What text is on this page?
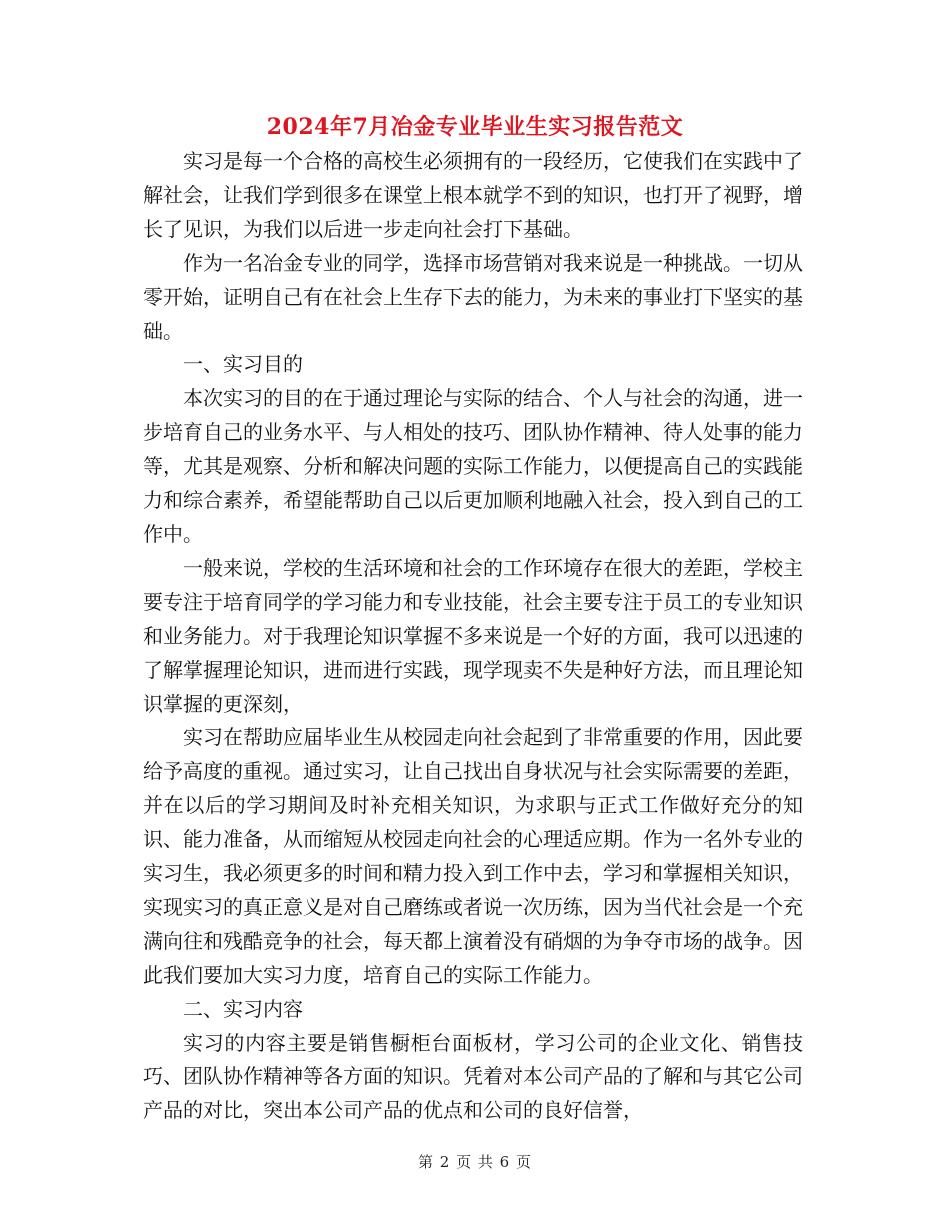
2024年7月冶金专业毕业生实习报告范文

实习是每一个合格的高校生必须拥有的一段经历，它使我们在实践中了解社会，让我们学到很多在课堂上根本就学不到的知识，也打开了视野，增长了见识，为我们以后进一步走向社会打下基础。

作为一名冶金专业的同学，选择市场营销对我来说是一种挑战。一切从零开始，证明自己有在社会上生存下去的能力，为未来的事业打下坚实的基础。

一、实习目的

本次实习的目的在于通过理论与实际的结合、个人与社会的沟通，进一步培育自己的业务水平、与人相处的技巧、团队协作精神、待人处事的能力等，尤其是观察、分析和解决问题的实际工作能力，以便提高自己的实践能力和综合素养，希望能帮助自己以后更加顺利地融入社会，投入到自己的工作中。

一般来说，学校的生活环境和社会的工作环境存在很大的差距，学校主要专注于培育同学的学习能力和专业技能，社会主要专注于员工的专业知识和业务能力。对于我理论知识掌握不多来说是一个好的方面，我可以迅速的了解掌握理论知识，进而进行实践，现学现卖不失是种好方法，而且理论知识掌握的更深刻，

实习在帮助应届毕业生从校园走向社会起到了非常重要的作用，因此要给予高度的重视。通过实习，让自己找出自身状况与社会实际需要的差距，并在以后的学习期间及时补充相关知识，为求职与正式工作做好充分的知识、能力准备，从而缩短从校园走向社会的心理适应期。作为一名外专业的实习生，我必须更多的时间和精力投入到工作中去，学习和掌握相关知识，实现实习的真正意义是对自己磨练或者说一次历练，因为当代社会是一个充满向往和残酷竞争的社会，每天都上演着没有硝烟的为争夺市场的战争。因此我们要加大实习力度，培育自己的实际工作能力。

二、实习内容

实习的内容主要是销售橱柜台面板材，学习公司的企业文化、销售技巧、团队协作精神等各方面的知识。凭着对本公司产品的了解和与其它公司产品的对比，突出本公司产品的优点和公司的良好信誉，

第 2 页 共 6 页
